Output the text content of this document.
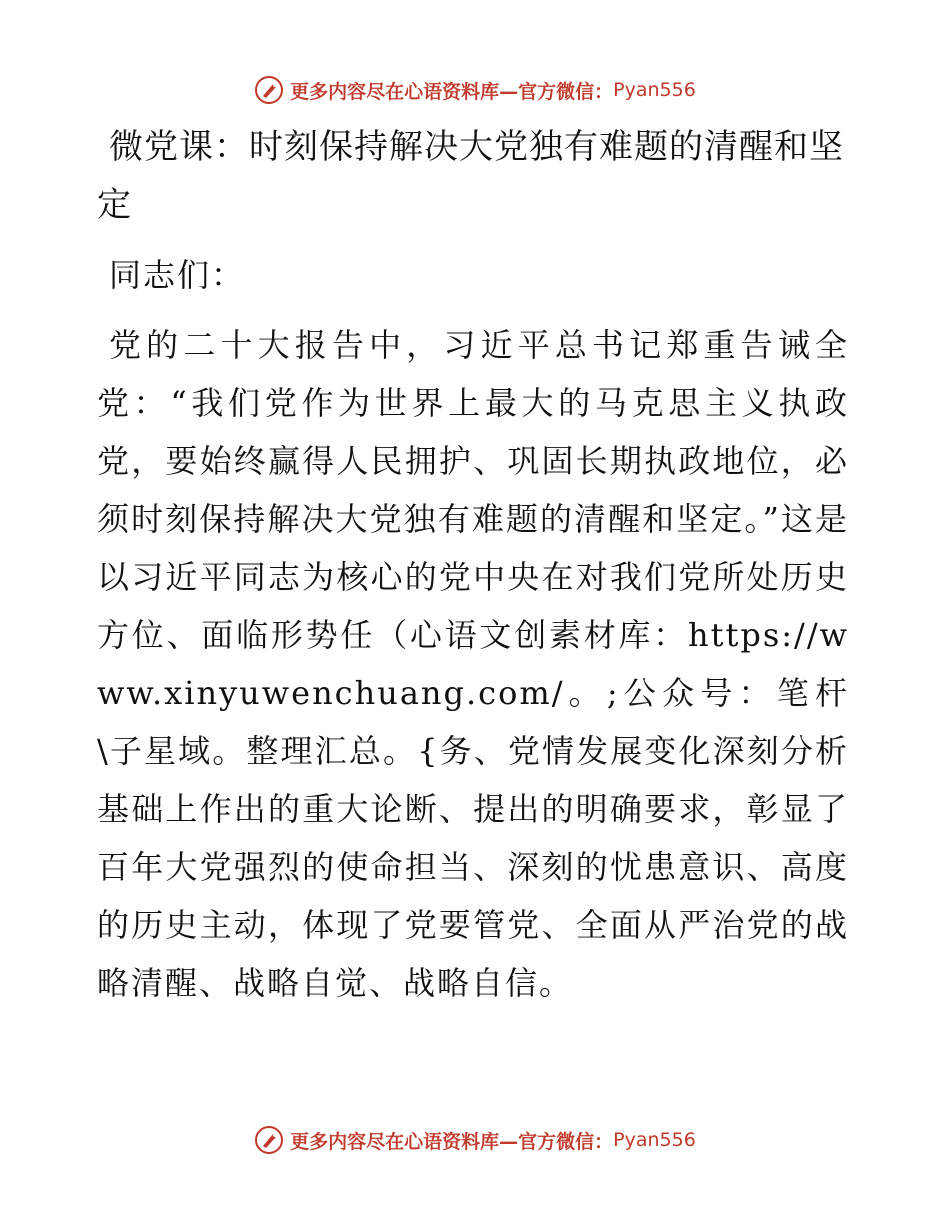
更多内容尽在心语资料库—官方微信： Pyan556
微党课：时刻保持解决大党独有难题的清醒和坚定

同志们：

党的二十大报告中，习近平总书记郑重告诫全党：“我们党作为世界上最大的马克思主义执政党，要始终赢得人民拥护、巩固长期执政地位，必须时刻保持解决大党独有难题的清醒和坚定。”这是以习近平同志为核心的党中央在对我们党所处历史方位、面临形势任（心语文创素材库：https://www.xinyuwenchuang.com/。;公众号：笔杆\子星域。整理汇总。{务、党情发展变化深刻分析基础上作出的重大论断、提出的明确要求，彰显了百年大党强烈的使命担当、深刻的忧患意识、高度的历史主动，体现了党要管党、全面从严治党的战略清醒、战略自觉、战略自信。

更多内容尽在心语资料库—官方微信： Pyan556
